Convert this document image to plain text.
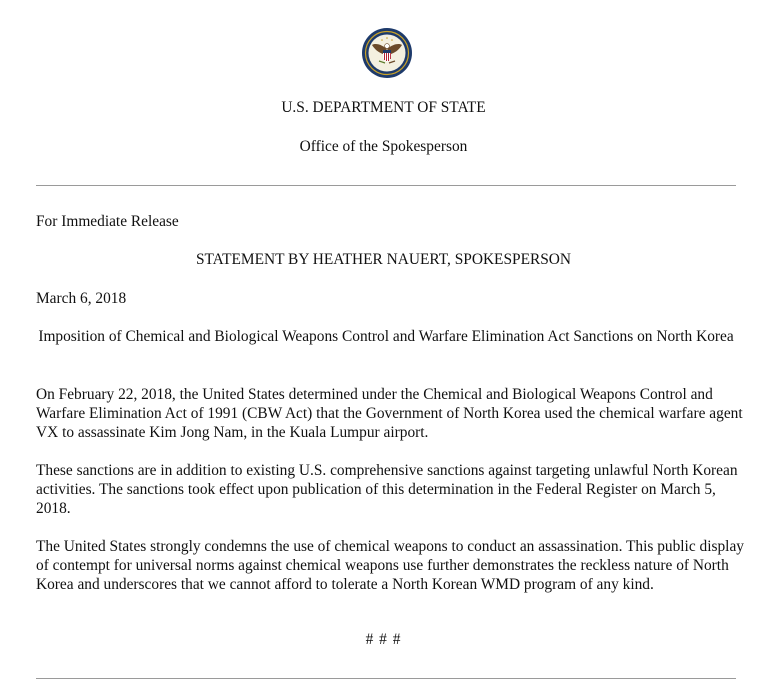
U.S. DEPARTMENT OF STATE
Office of the Spokesperson
For Immediate Release
STATEMENT BY HEATHER NAUERT, SPOKESPERSON
March 6, 2018
Imposition of Chemical and Biological Weapons Control and Warfare Elimination Act Sanctions on North Korea
On February 22, 2018, the United States determined under the Chemical and Biological Weapons Control and Warfare Elimination Act of 1991 (CBW Act) that the Government of North Korea used the chemical warfare agent VX to assassinate Kim Jong Nam, in the Kuala Lumpur airport.
These sanctions are in addition to existing U.S. comprehensive sanctions against targeting unlawful North Korean activities. The sanctions took effect upon publication of this determination in the Federal Register on March 5, 2018.
The United States strongly condemns the use of chemical weapons to conduct an assassination. This public display of contempt for universal norms against chemical weapons use further demonstrates the reckless nature of North Korea and underscores that we cannot afford to tolerate a North Korean WMD program of any kind.
# # #
